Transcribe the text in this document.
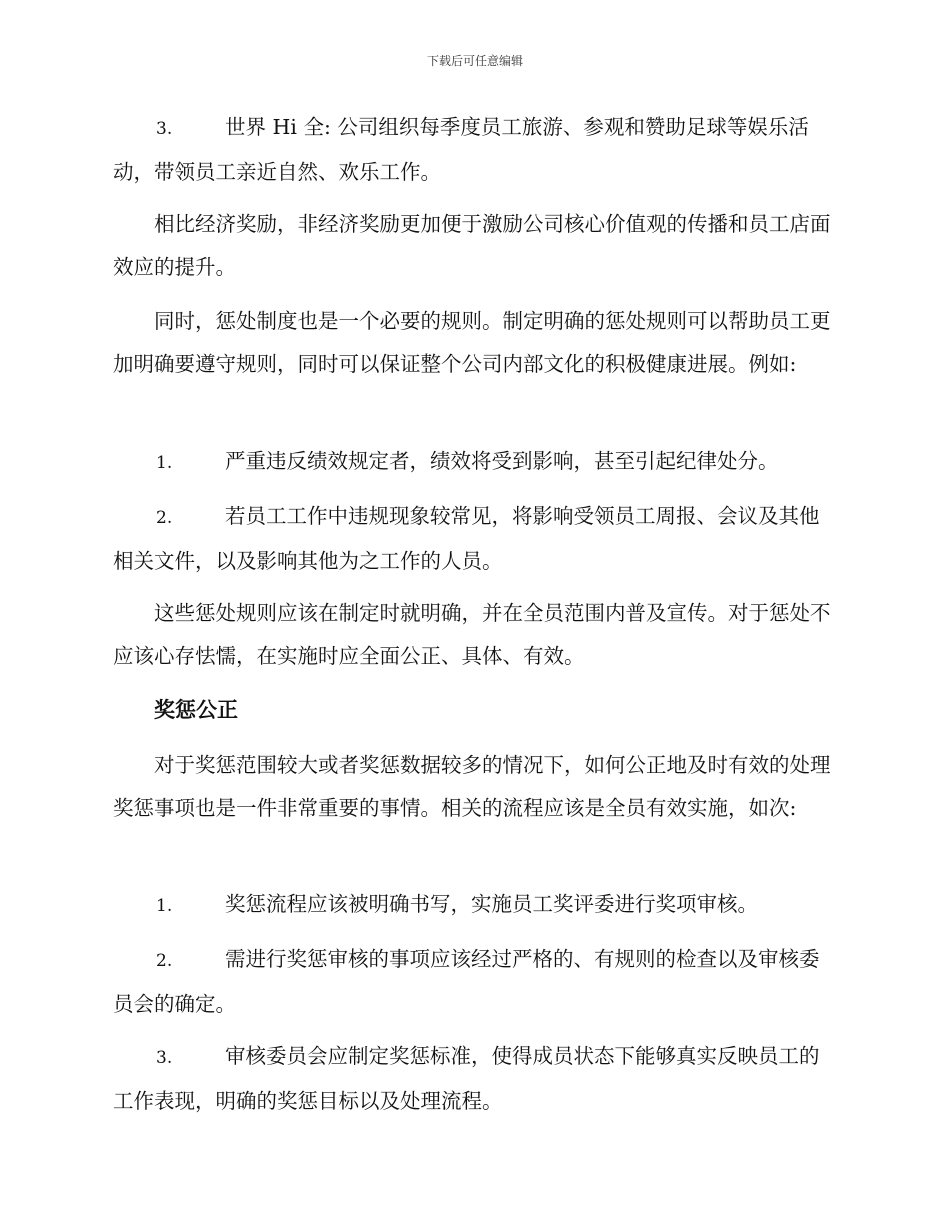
下载后可任意编辑
3.	世界 Hi 全: 公司组织每季度员工旅游、参观和赞助足球等娱乐活动，带领员工亲近自然、欢乐工作。
相比经济奖励，非经济奖励更加便于激励公司核心价值观的传播和员工店面效应的提升。
同时，惩处制度也是一个必要的规则。制定明确的惩处规则可以帮助员工更加明确要遵守规则，同时可以保证整个公司内部文化的积极健康进展。例如:
1.	严重违反绩效规定者，绩效将受到影响，甚至引起纪律处分。
2.	若员工工作中违规现象较常见，将影响受领员工周报、会议及其他相关文件，以及影响其他为之工作的人员。
这些惩处规则应该在制定时就明确，并在全员范围内普及宣传。对于惩处不应该心存怯懦，在实施时应全面公正、具体、有效。
奖惩公正
对于奖惩范围较大或者奖惩数据较多的情况下，如何公正地及时有效的处理奖惩事项也是一件非常重要的事情。相关的流程应该是全员有效实施，如次:
1.	奖惩流程应该被明确书写，实施员工奖评委进行奖项审核。
2.	需进行奖惩审核的事项应该经过严格的、有规则的检查以及审核委员会的确定。
3.	审核委员会应制定奖惩标准，使得成员状态下能够真实反映员工的工作表现，明确的奖惩目标以及处理流程。
